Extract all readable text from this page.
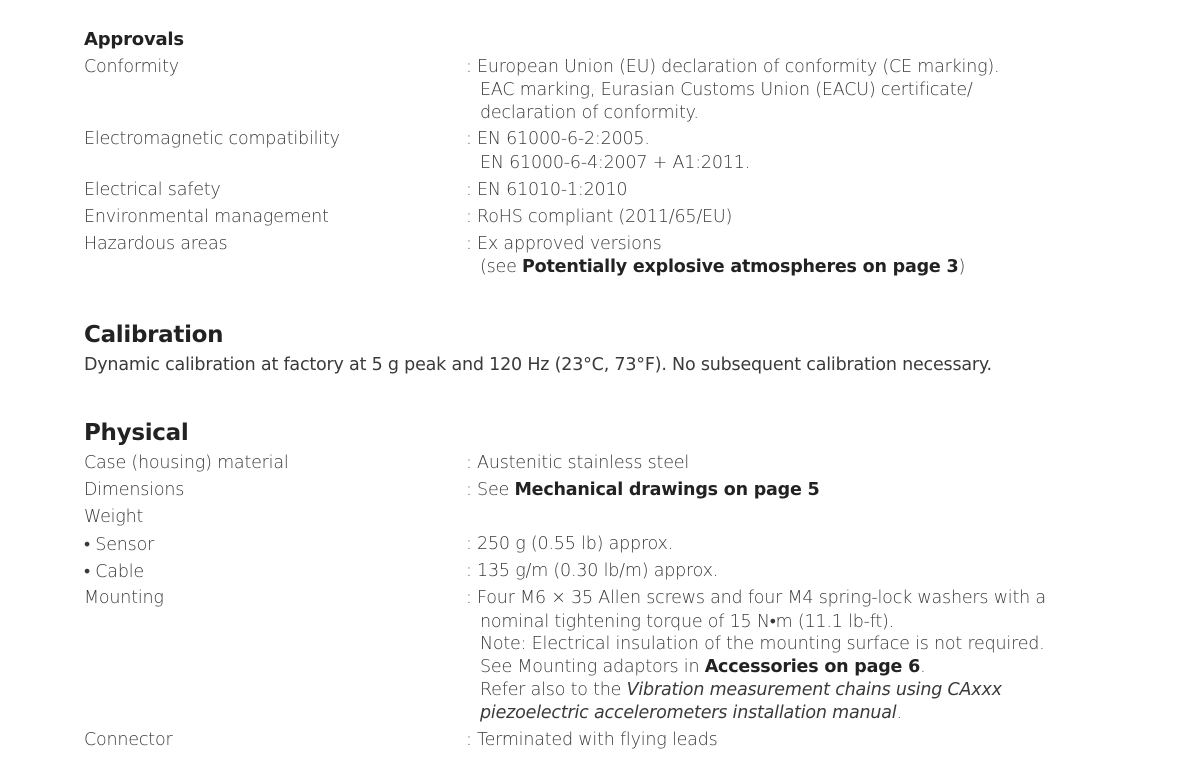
Approvals
Conformity	: European Union (EU) declaration of conformity (CE marking).
EAC marking, Eurasian Customs Union (EACU) certificate/
declaration of conformity.
Electromagnetic compatibility	: EN 61000-6-2:2005.
EN 61000-6-4:2007 + A1:2011.
Electrical safety	: EN 61010-1:2010
Environmental management	: RoHS compliant (2011/65/EU)
Hazardous areas	: Ex approved versions
(see Potentially explosive atmospheres on page 3)
Calibration
Dynamic calibration at factory at 5 g peak and 120 Hz (23°C, 73°F). No subsequent calibration necessary.
Physical
Case (housing) material	: Austenitic stainless steel
Dimensions	: See Mechanical drawings on page 5
Weight
• Sensor	: 250 g (0.55 lb) approx.
• Cable	: 135 g/m (0.30 lb/m) approx.
Mounting	: Four M6 × 35 Allen screws and four M4 spring-lock washers with a
nominal tightening torque of 15 N•m (11.1 lb-ft).
Note: Electrical insulation of the mounting surface is not required.
See Mounting adaptors in Accessories on page 6.
Refer also to the Vibration measurement chains using CAxxx
piezoelectric accelerometers installation manual.
Connector	: Terminated with flying leads
